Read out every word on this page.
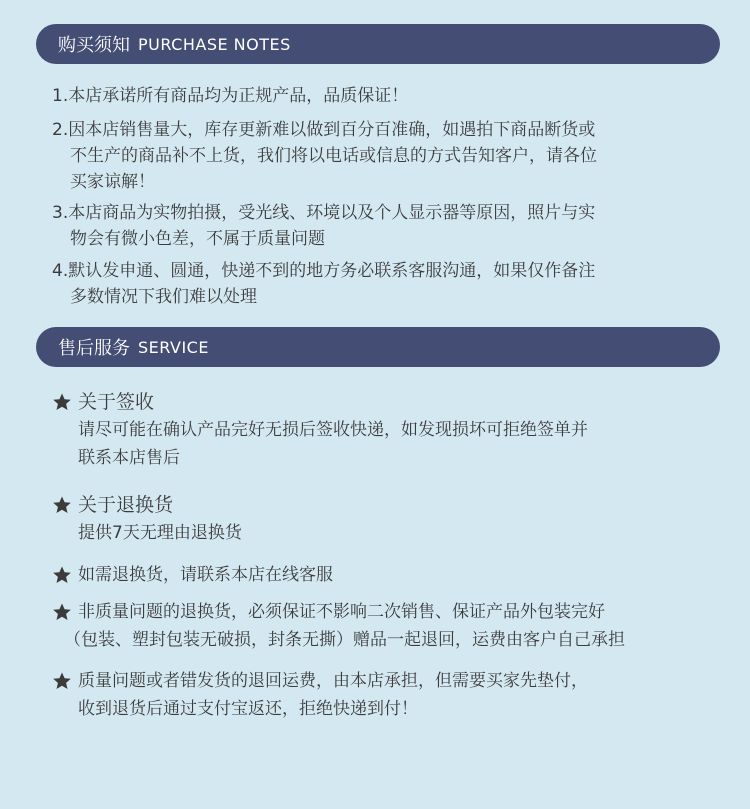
购买须知 PURCHASE NOTES
1.本店承诺所有商品均为正规产品，品质保证！
2.因本店销售量大，库存更新难以做到百分百准确，如遇拍下商品断货或
不生产的商品补不上货，我们将以电话或信息的方式告知客户，请各位
买家谅解！
3.本店商品为实物拍摄，受光线、环境以及个人显示器等原因，照片与实
物会有微小色差，不属于质量问题
4.默认发申通、圆通，快递不到的地方务必联系客服沟通，如果仅作备注
多数情况下我们难以处理
售后服务 SERVICE
关于签收
请尽可能在确认产品完好无损后签收快递，如发现损坏可拒绝签单并
联系本店售后
关于退换货
提供7天无理由退换货
如需退换货，请联系本店在线客服
非质量问题的退换货，必须保证不影响二次销售、保证产品外包装完好
（包装、塑封包装无破损，封条无撕）赠品一起退回，运费由客户自己承担
质量问题或者错发货的退回运费，由本店承担，但需要买家先垫付，
收到退货后通过支付宝返还，拒绝快递到付！
